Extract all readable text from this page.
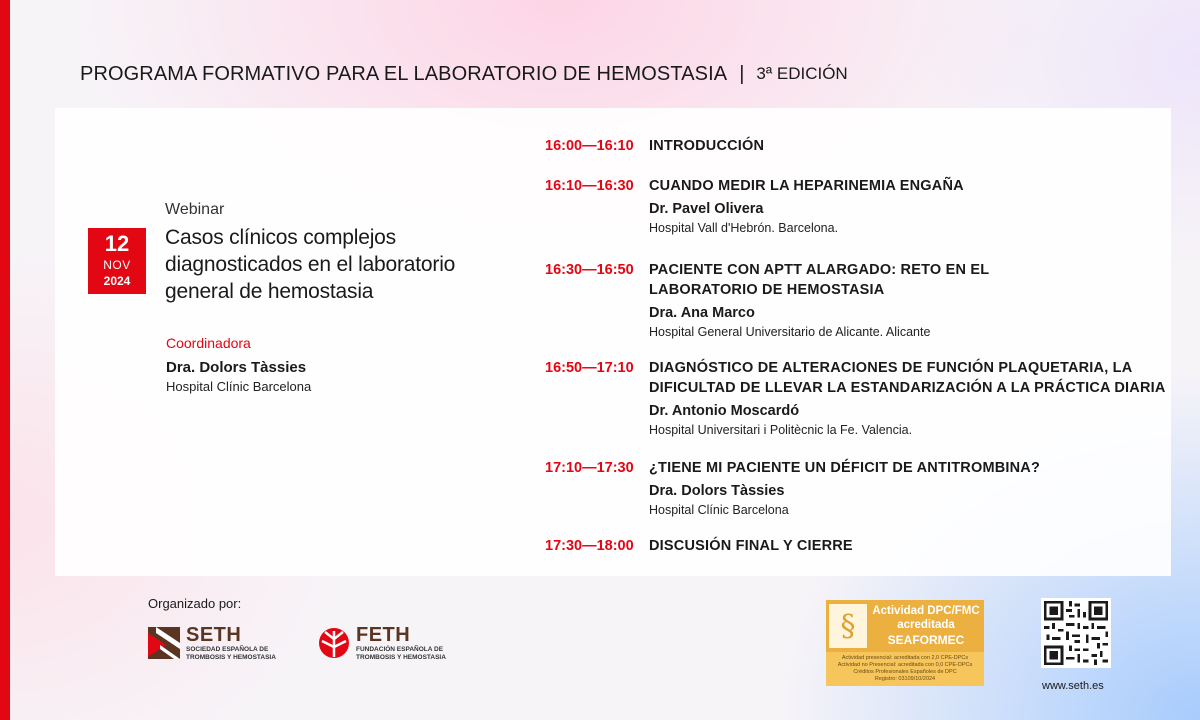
PROGRAMA FORMATIVO PARA EL LABORATORIO DE HEMOSTASIA | 3ª EDICIÓN
12
NOV
2024
Webinar
Casos clínicos complejos diagnosticados en el laboratorio general de hemostasia
Coordinadora
Dra. Dolors Tàssies
Hospital Clínic Barcelona
16:00—16:10	INTRODUCCIÓN
16:10—16:30	CUANDO MEDIR LA HEPARINEMIA ENGAÑA
Dr. Pavel Olivera
Hospital Vall d'Hebrón. Barcelona.
16:30—16:50	PACIENTE CON APTT ALARGADO: RETO EN EL
LABORATORIO DE HEMOSTASIA
Dra. Ana Marco
Hospital General Universitario de Alicante. Alicante
16:50—17:10	DIAGNÓSTICO DE ALTERACIONES DE FUNCIÓN PLAQUETARIA, LA
DIFICULTAD DE LLEVAR LA ESTANDARIZACIÓN A LA PRÁCTICA DIARIA
Dr. Antonio Moscardó
Hospital Universitari i Politècnic la Fe. Valencia.
17:10—17:30	¿TIENE MI PACIENTE UN DÉFICIT DE ANTITROMBINA?
Dra. Dolors Tàssies
Hospital Clínic Barcelona
17:30—18:00	DISCUSIÓN FINAL Y CIERRE
Organizado por:
SETH
SOCIEDAD ESPAÑOLA DE
TROMBOSIS Y HEMOSTASIA
FETH
FUNDACIÓN ESPAÑOLA DE
TROMBOSIS Y HEMOSTASIA
§	Actividad DPC/FMC
acreditada
SEAFORMEC
Actividad presencial: acreditada con 2,0 CPE-DPCs
Actividad no Presencial: acreditada con 0,0 CPE-DPCs
Créditos Profesionales Españoles de DPC
Registro: 03109/10/2024
www.seth.es
